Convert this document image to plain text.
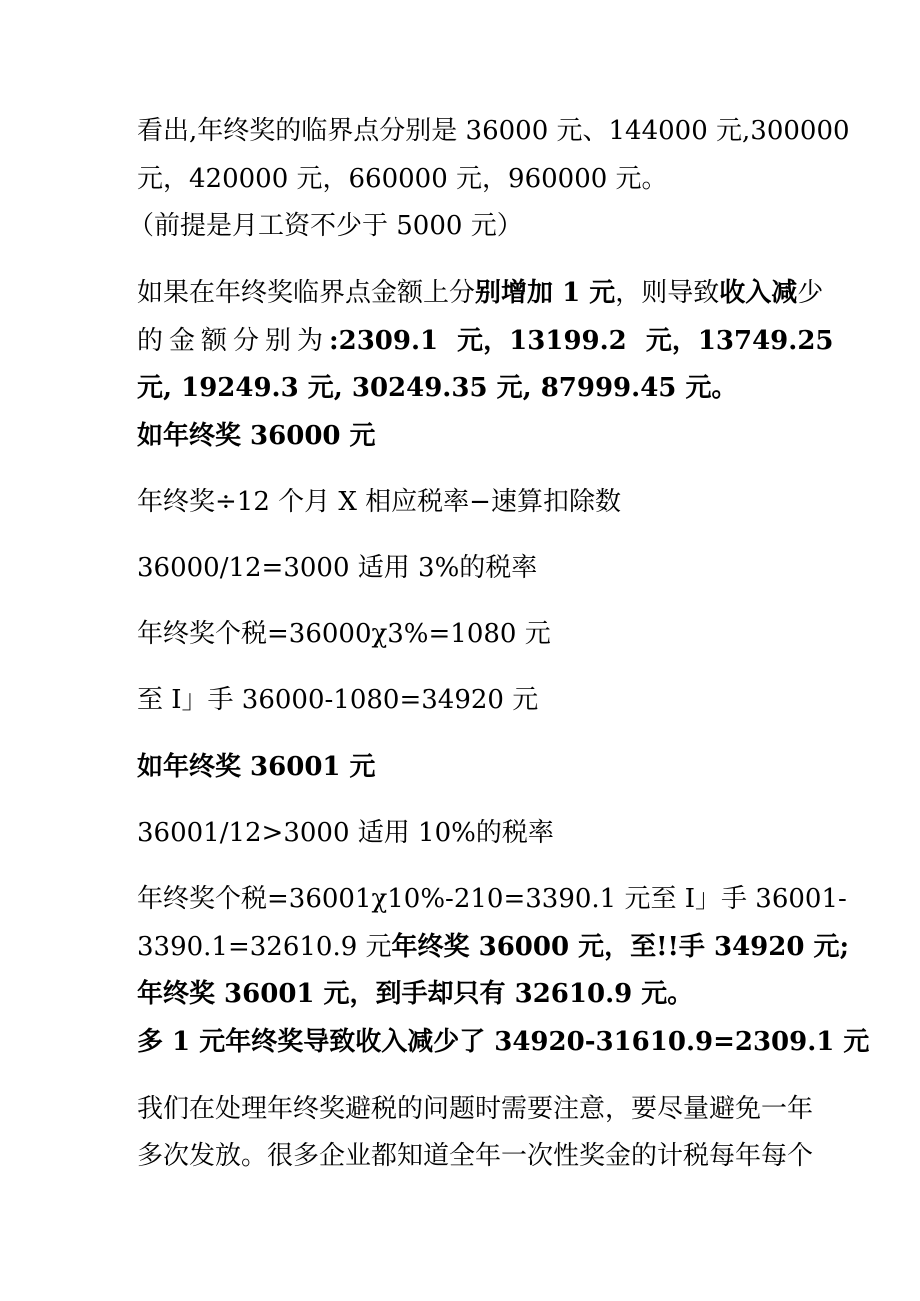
看出,年终奖的临界点分别是 36000 元、144000 元,300000
元，420000 元，660000 元，960000 元。
（前提是月工资不少于 5000 元）
如果在年终奖临界点金额上分别增加 1 元，则导致收入减少
的金额分别为:2309.1 元，13199.2 元，13749.25
元, 19249.3 元, 30249.35 元, 87999.45 元。
如年终奖 36000 元
年终奖÷12 个月 X 相应税率−速算扣除数
36000/12=3000 适用 3%的税率
年终奖个税=36000χ3%=1080 元
至 I」手 36000-1080=34920 元
如年终奖 36001 元
36001/12>3000 适用 10%的税率
年终奖个税=36001χ10%-210=3390.1 元至 I」手 36001-
3390.1=32610.9 元年终奖 36000 元，至!!手 34920 元;
年终奖 36001 元，到手却只有 32610.9 元。
多 1 元年终奖导致收入减少了 34920-31610.9=2309.1 元
我们在处理年终奖避税的问题时需要注意，要尽量避免一年
多次发放。很多企业都知道全年一次性奖金的计税每年每个
